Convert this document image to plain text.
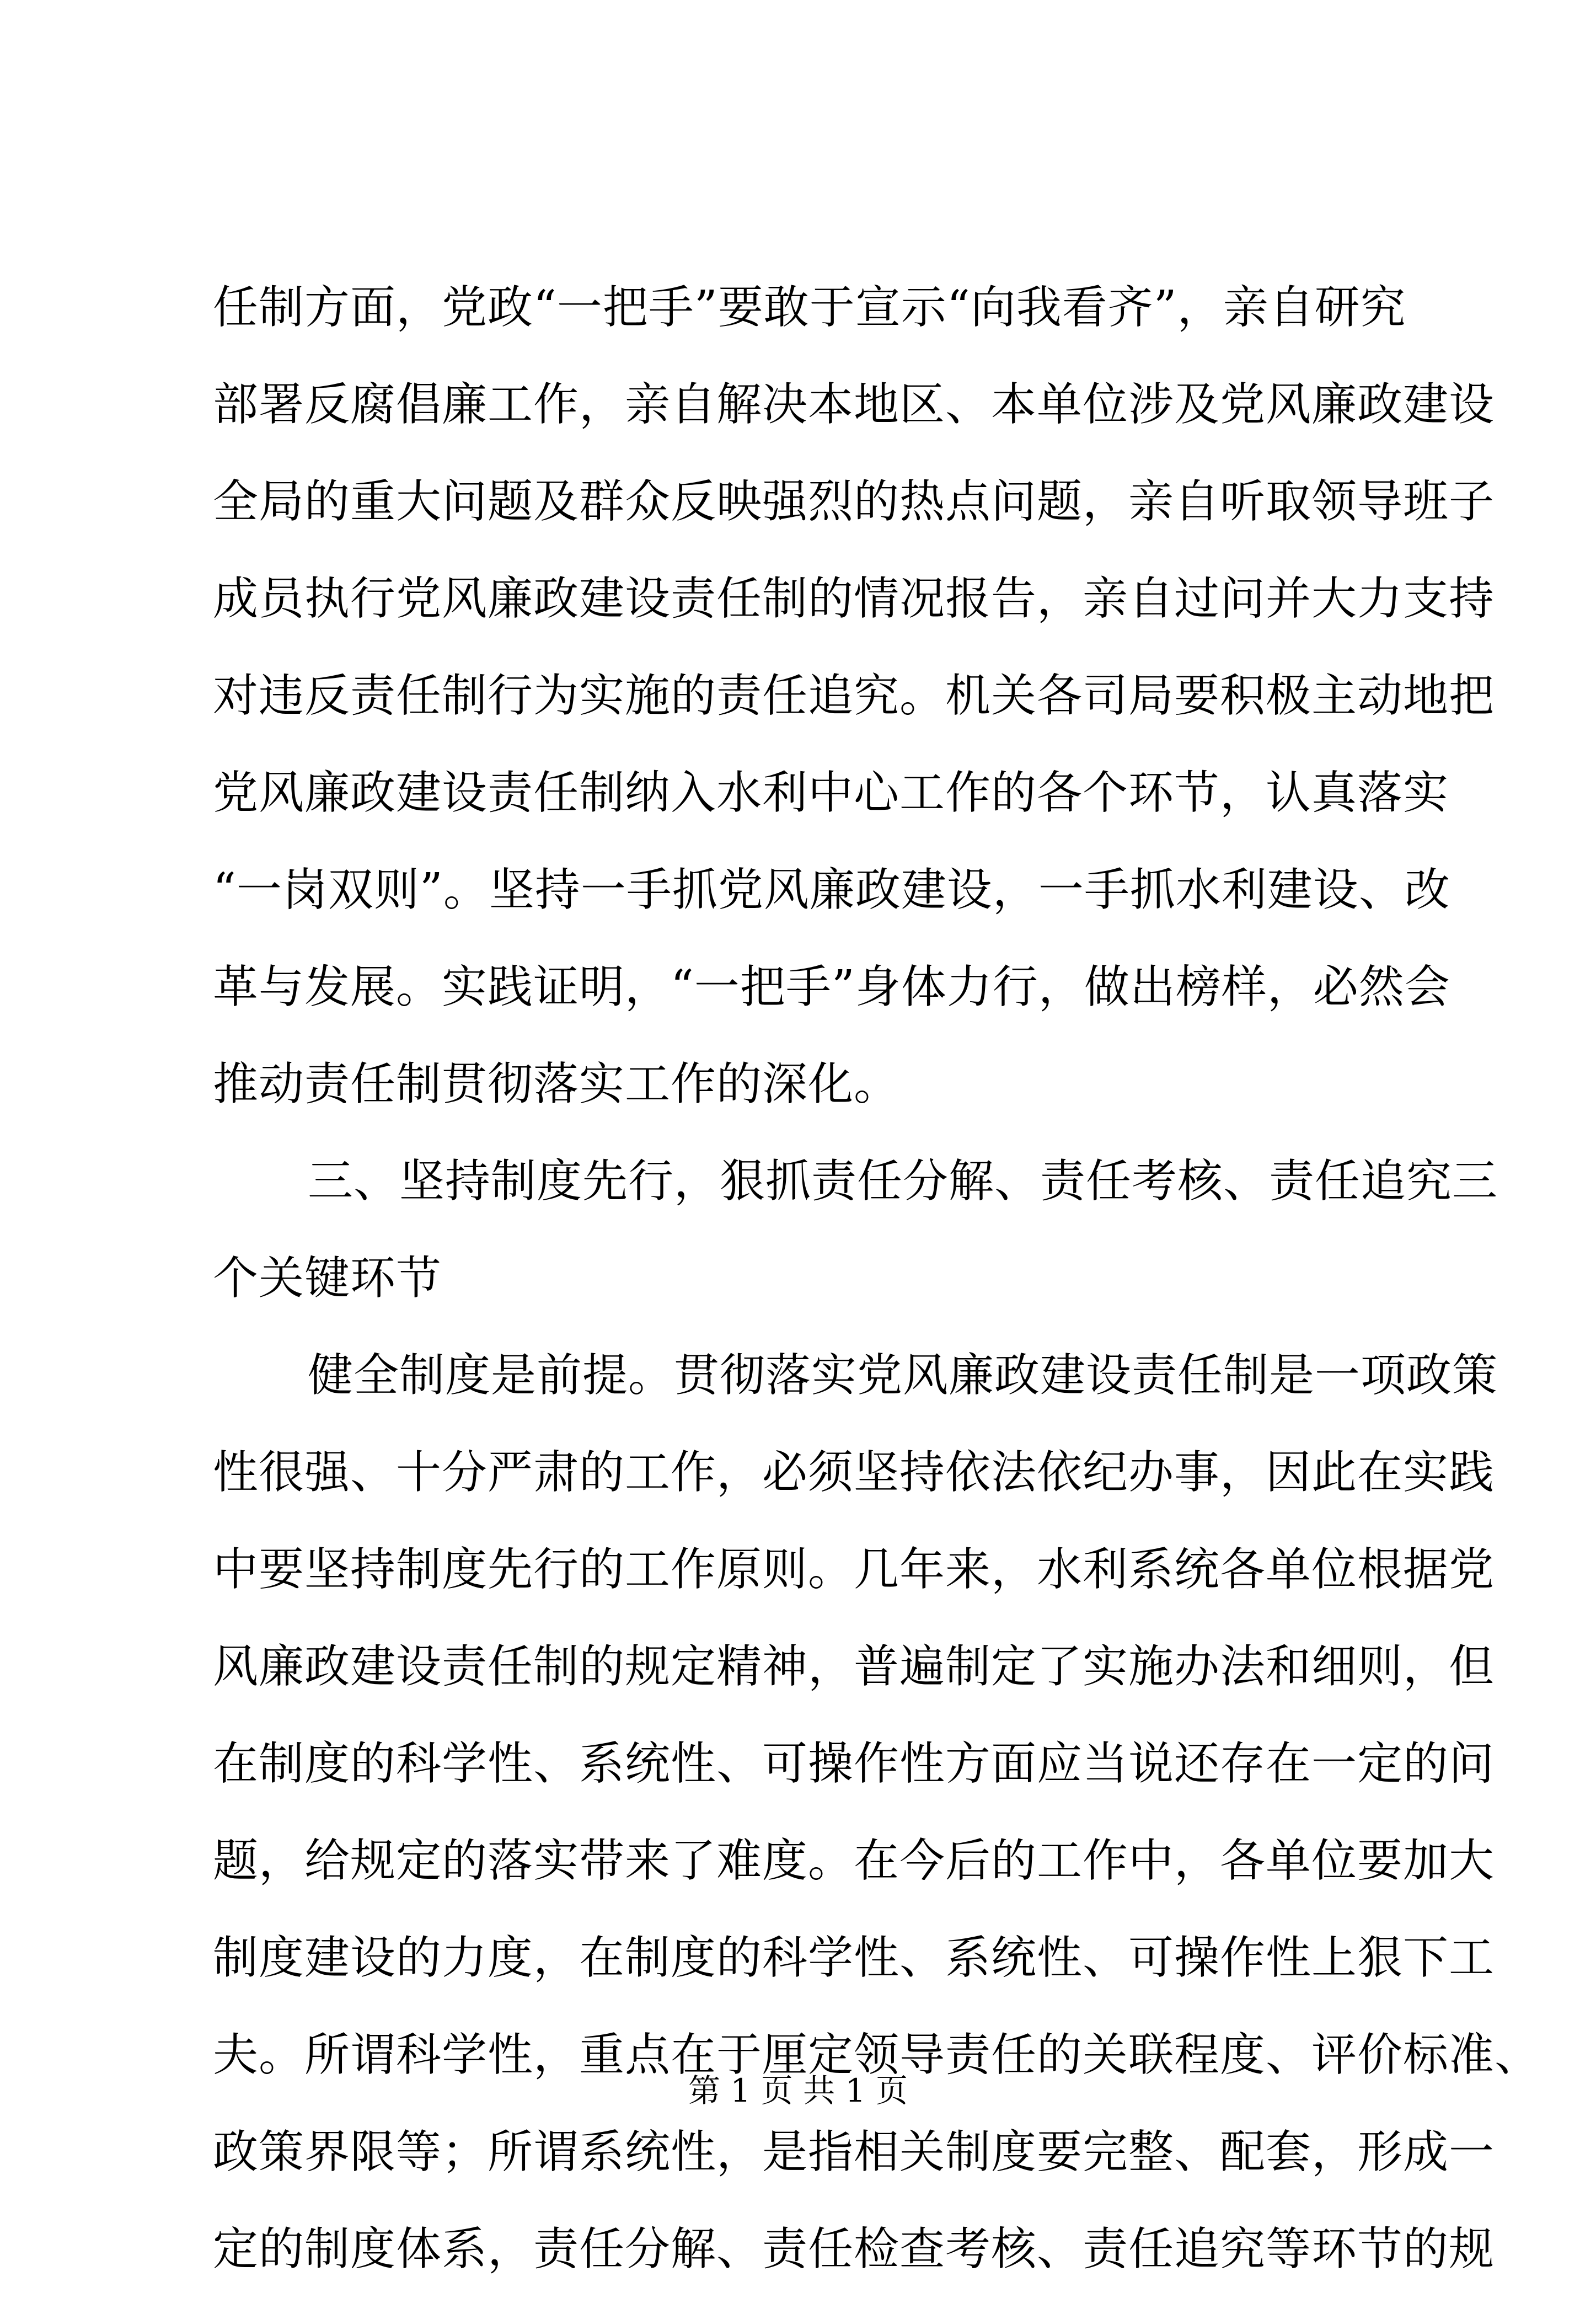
任制方面，党政“一把手”要敢于宣示“向我看齐”，亲自研究
部署反腐倡廉工作，亲自解决本地区、本单位涉及党风廉政建设
全局的重大问题及群众反映强烈的热点问题，亲自听取领导班子
成员执行党风廉政建设责任制的情况报告，亲自过问并大力支持
对违反责任制行为实施的责任追究。机关各司局要积极主动地把
党风廉政建设责任制纳入水利中心工作的各个环节，认真落实
“一岗双则”。坚持一手抓党风廉政建设，一手抓水利建设、改
革与发展。实践证明，“一把手”身体力行，做出榜样，必然会
推动责任制贯彻落实工作的深化。
三、坚持制度先行，狠抓责任分解、责任考核、责任追究三
个关键环节
健全制度是前提。贯彻落实党风廉政建设责任制是一项政策
性很强、十分严肃的工作，必须坚持依法依纪办事，因此在实践
中要坚持制度先行的工作原则。几年来，水利系统各单位根据党
风廉政建设责任制的规定精神，普遍制定了实施办法和细则，但
在制度的科学性、系统性、可操作性方面应当说还存在一定的问
题，给规定的落实带来了难度。在今后的工作中，各单位要加大
制度建设的力度，在制度的科学性、系统性、可操作性上狠下工
夫。所谓科学性，重点在于厘定领导责任的关联程度、评价标准、
政策界限等；所谓系统性，是指相关制度要完整、配套，形成一
定的制度体系，责任分解、责任检查考核、责任追究等环节的规
第 1 页 共 1 页
